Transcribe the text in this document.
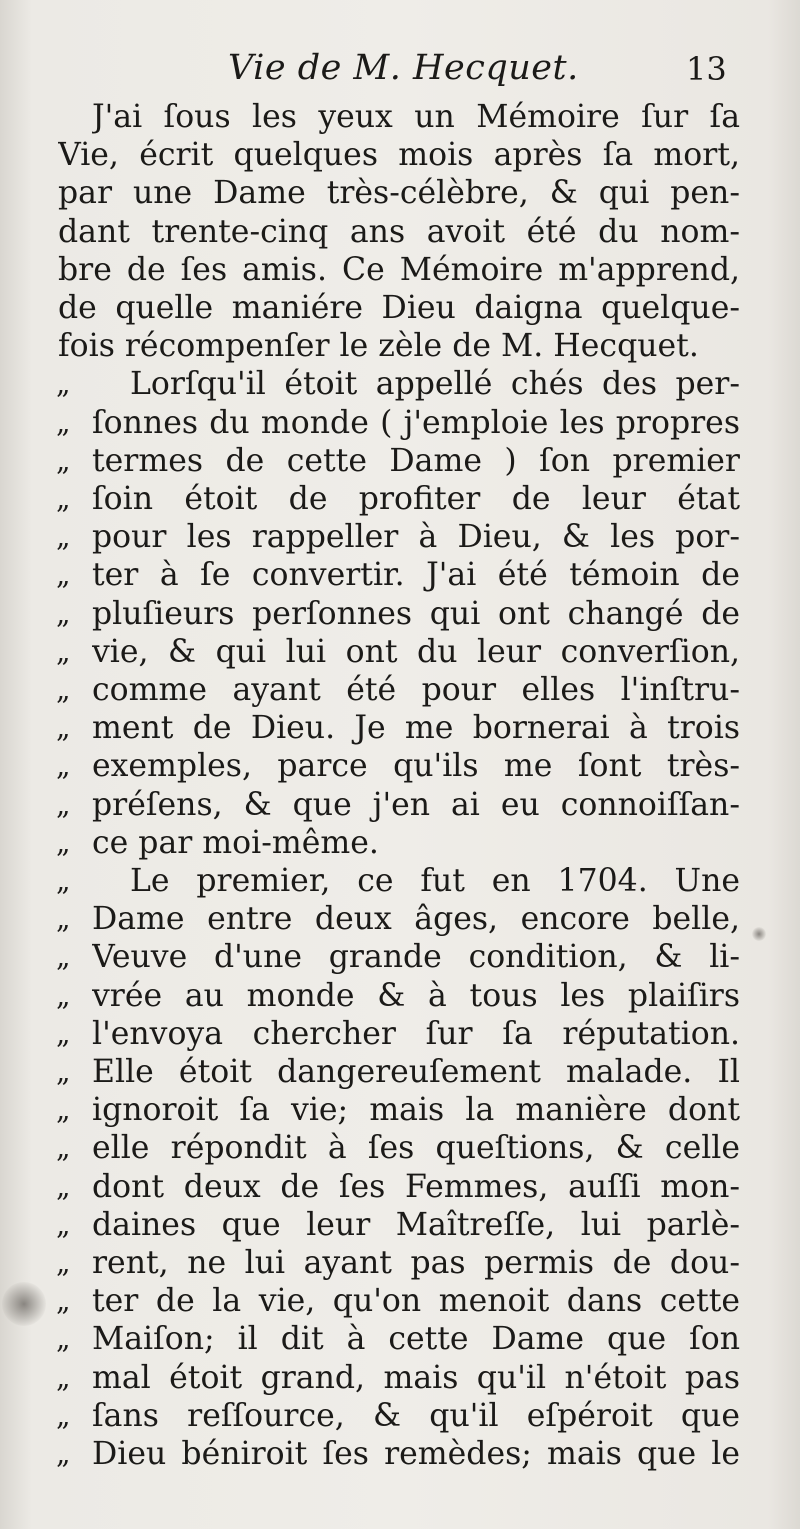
Vie de M. Hecquet.	13
J'ai ſous les yeux un Mémoire ſur ſa
Vie, écrit quelques mois après ſa mort,
par une Dame très-célèbre, & qui pen-
dant trente-cinq ans avoit été du nom-
bre de ſes amis. Ce Mémoire m'apprend,
de quelle maniére Dieu daigna quelque-
fois récompenſer le zèle de M. Hecquet.
„ Lorſqu'il étoit appellé chés des per-
„ ſonnes du monde ( j'emploie les propres
„ termes de cette Dame ) ſon premier
„ ſoin étoit de profiter de leur état
„ pour les rappeller à Dieu, & les por-
„ ter à ſe convertir. J'ai été témoin de
„ pluſieurs perſonnes qui ont changé de
„ vie, & qui lui ont du leur converſion,
„ comme ayant été pour elles l'inſtru-
„ ment de Dieu. Je me bornerai à trois
„ exemples, parce qu'ils me ſont très-
„ préſens, & que j'en ai eu connoiſſan-
„ ce par moi-même.
„ Le premier, ce fut en 1704. Une
„ Dame entre deux âges, encore belle,
„ Veuve d'une grande condition, & li-
„ vrée au monde & à tous les plaiſirs
„ l'envoya chercher ſur ſa réputation.
„ Elle étoit dangereuſement malade. Il
„ ignoroit ſa vie; mais la manière dont
„ elle répondit à ſes queſtions, & celle
„ dont deux de ſes Femmes, auſſi mon-
„ daines que leur Maîtreſſe, lui parlè-
„ rent, ne lui ayant pas permis de dou-
„ ter de la vie, qu'on menoit dans cette
„ Maiſon; il dit à cette Dame que ſon
„ mal étoit grand, mais qu'il n'étoit pas
„ ſans reſſource, & qu'il eſpéroit que
„ Dieu béniroit ſes remèdes; mais que le
